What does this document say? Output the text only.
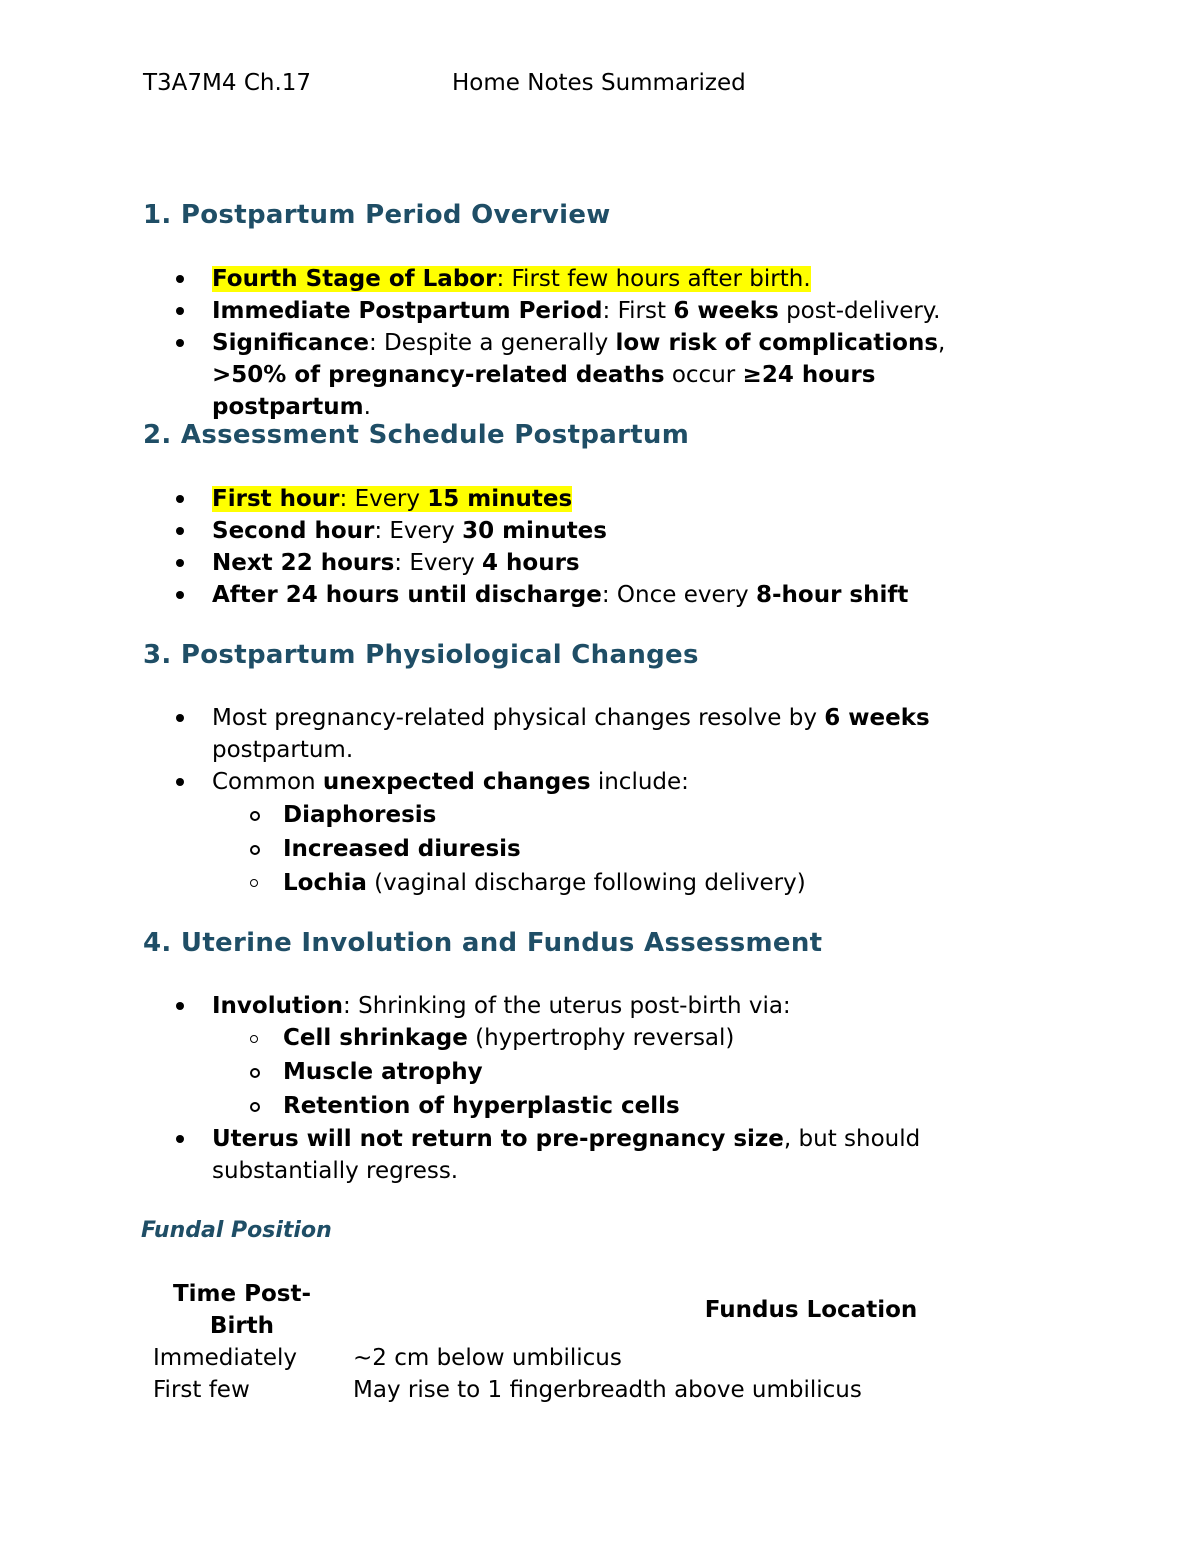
T3A7M4 Ch.17	Home Notes Summarized
1. Postpartum Period Overview
Fourth Stage of Labor: First few hours after birth.
Immediate Postpartum Period: First 6 weeks post-delivery.
Significance: Despite a generally low risk of complications, >50% of pregnancy-related deaths occur ≥24 hours postpartum.
2. Assessment Schedule Postpartum
First hour: Every 15 minutes
Second hour: Every 30 minutes
Next 22 hours: Every 4 hours
After 24 hours until discharge: Once every 8-hour shift
3. Postpartum Physiological Changes
Most pregnancy-related physical changes resolve by 6 weeks postpartum.
Common unexpected changes include:
Diaphoresis
Increased diuresis
Lochia (vaginal discharge following delivery)
4. Uterine Involution and Fundus Assessment
Involution: Shrinking of the uterus post-birth via:
Cell shrinkage (hypertrophy reversal)
Muscle atrophy
Retention of hyperplastic cells
Uterus will not return to pre-pregnancy size, but should substantially regress.
Fundal Position
Time Post-Birth	Fundus Location
Immediately	~2 cm below umbilicus
First few	May rise to 1 fingerbreadth above umbilicus
